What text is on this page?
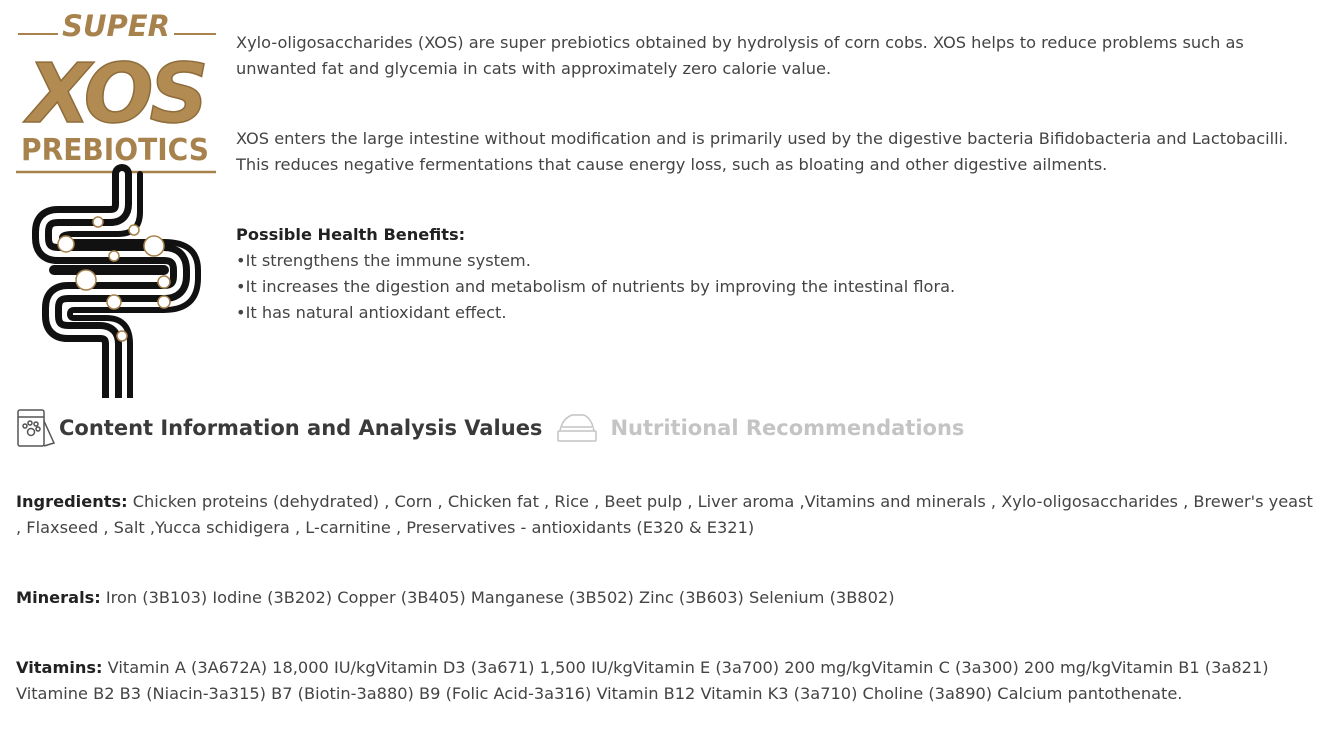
SUPER
XOS
PREBIOTICS

Xylo-oligosaccharides (XOS) are super prebiotics obtained by hydrolysis of corn cobs. XOS helps to reduce problems such as unwanted fat and glycemia in cats with approximately zero calorie value.

XOS enters the large intestine without modification and is primarily used by the digestive bacteria Bifidobacteria and Lactobacilli. This reduces negative fermentations that cause energy loss, such as bloating and other digestive ailments.

Possible Health Benefits:
• It strengthens the immune system.
• It increases the digestion and metabolism of nutrients by improving the intestinal flora.
• It has natural antioxidant effect.
Content Information and Analysis Values	Nutritional Recommendations

Ingredients: Chicken proteins (dehydrated) , Corn , Chicken fat , Rice , Beet pulp , Liver aroma ,Vitamins and minerals , Xylo-oligosaccharides , Brewer's yeast , Flaxseed , Salt ,Yucca schidigera , L-carnitine , Preservatives - antioxidants (E320 & E321)

Minerals: Iron (3B103) Iodine (3B202) Copper (3B405) Manganese (3B502) Zinc (3B603) Selenium (3B802)

Vitamins: Vitamin A (3A672A) 18,000 IU/kgVitamin D3 (3a671) 1,500 IU/kgVitamin E (3a700) 200 mg/kgVitamin C (3a300) 200 mg/kgVitamin B1 (3a821) Vitamine B2 B3 (Niacin-3a315) B7 (Biotin-3a880) B9 (Folic Acid-3a316) Vitamin B12 Vitamin K3 (3a710) Choline (3a890) Calcium pantothenate.
